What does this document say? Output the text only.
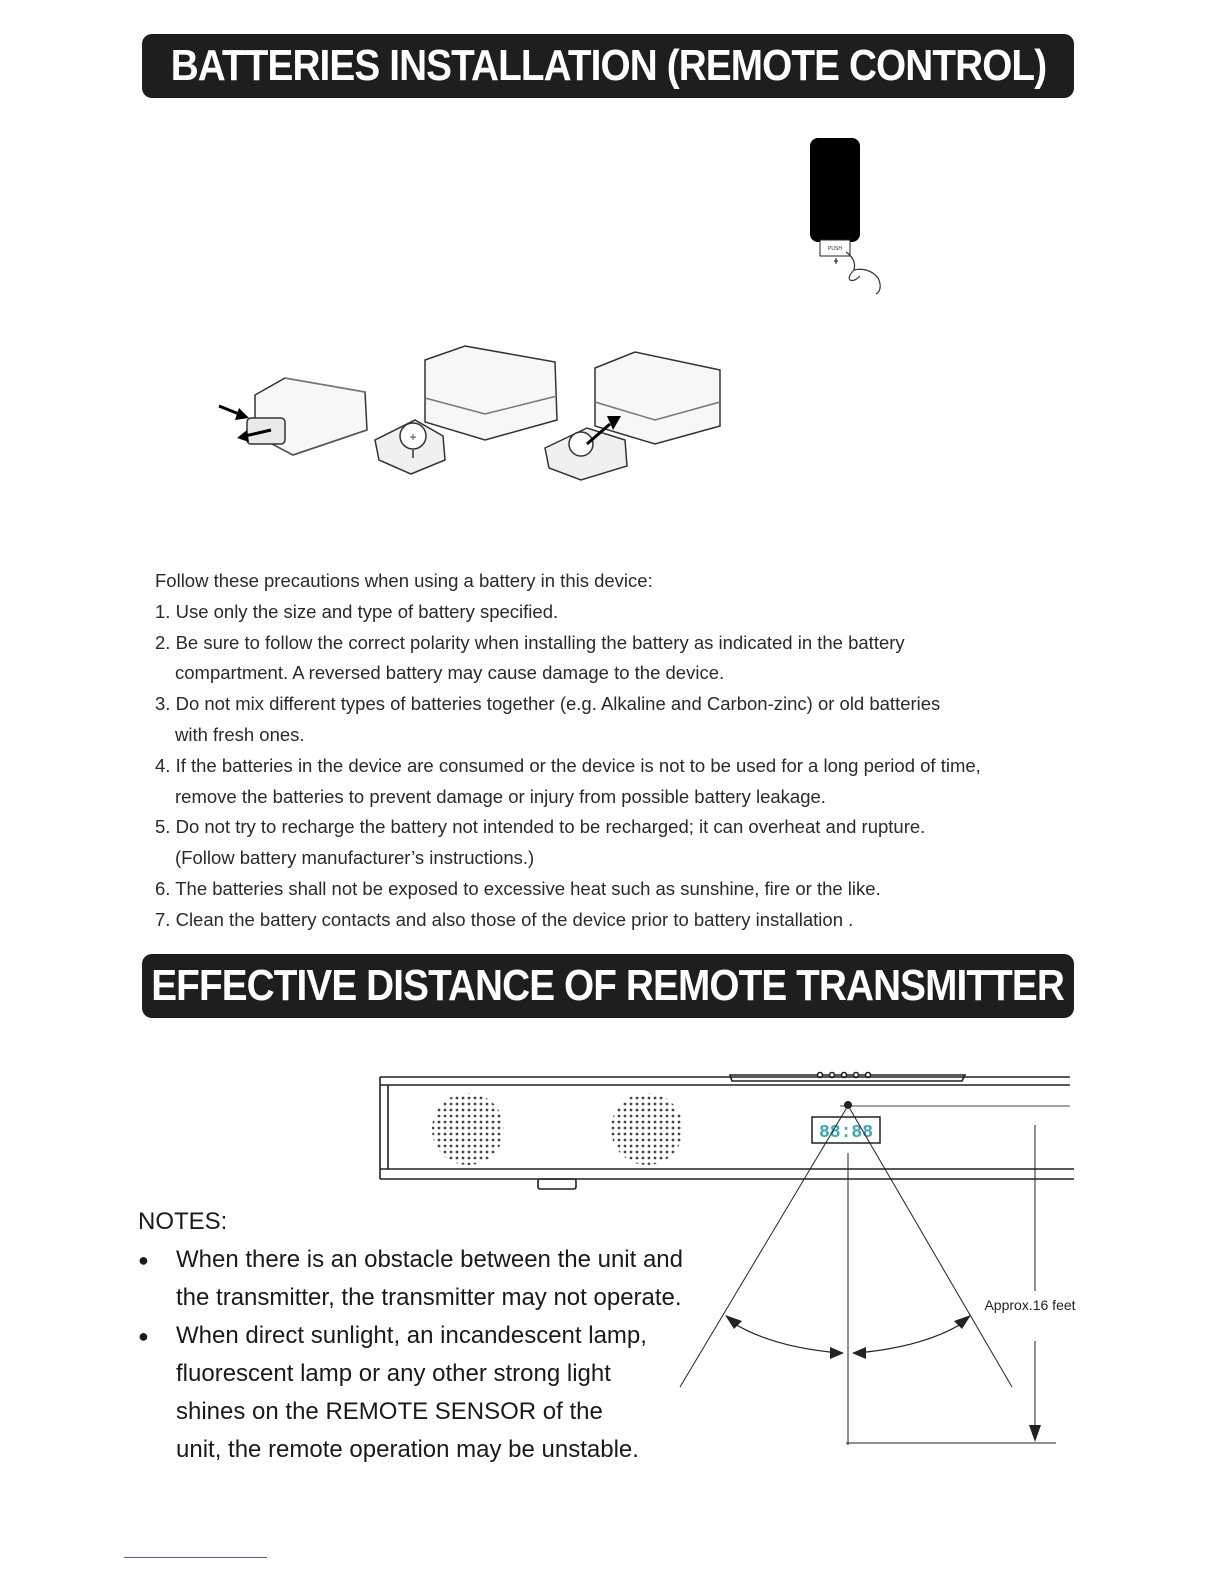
BATTERIES INSTALLATION (REMOTE CONTROL)
PUSH
+
Follow these precautions when using a battery in this device:
1. Use only the size and type of battery specified.
2. Be sure to follow the correct polarity when installing the battery as indicated in the battery
compartment. A reversed battery may cause damage to the device.
3. Do not mix different types of batteries together (e.g. Alkaline and Carbon-zinc) or old batteries
with fresh ones.
4. If the batteries in the device are consumed or the device is not to be used for a long period of time,
remove the batteries to prevent damage or injury from possible battery leakage.
5. Do not try to recharge the battery not intended to be recharged; it can overheat and rupture.
(Follow battery manufacturer’s instructions.)
6. The batteries shall not be exposed to excessive heat such as sunshine, fire or the like.
7. Clean the battery contacts and also those of the device prior to battery installation .
EFFECTIVE DISTANCE OF REMOTE TRANSMITTER
88:88
Approx.16 feet
NOTES:
● When there is an obstacle between the unit and
the transmitter, the transmitter may not operate.
● When direct sunlight, an incandescent lamp,
fluorescent lamp or any other strong light
shines on the REMOTE SENSOR of the
unit, the remote operation may be unstable.
